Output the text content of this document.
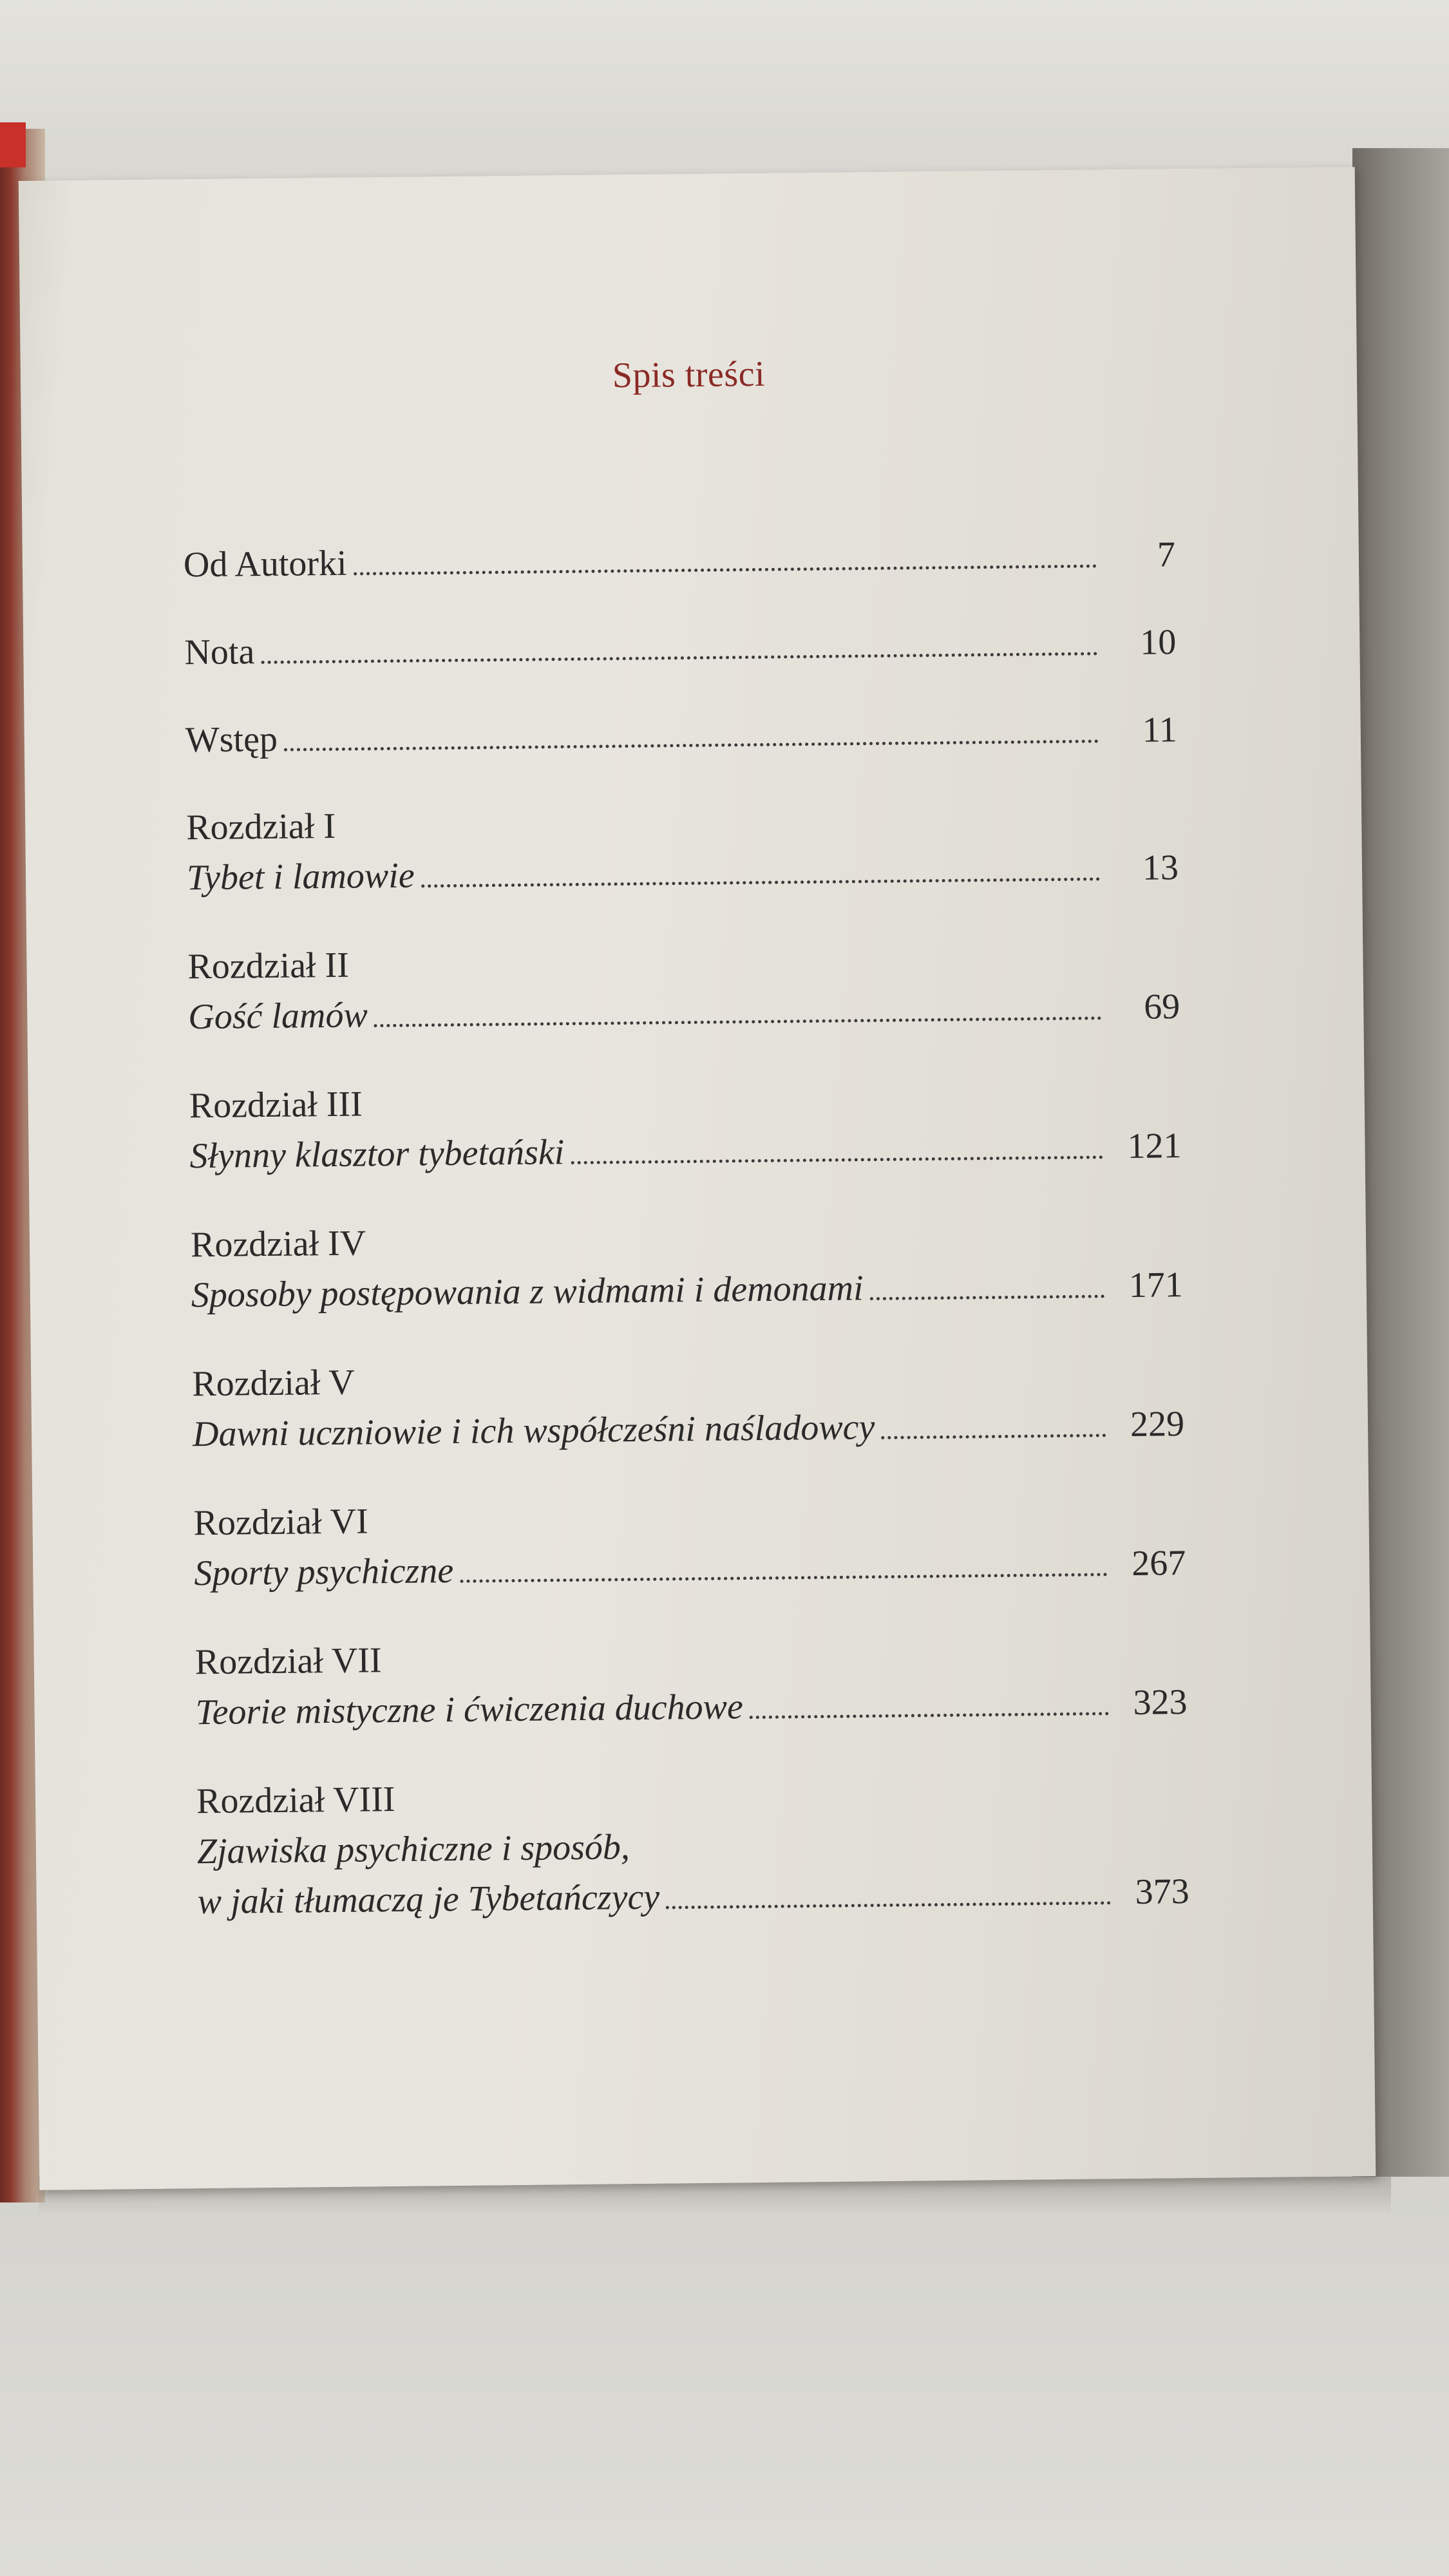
Spis treści
Od Autorki	7
Nota	10
Wstęp	11
Rozdział I
Tybet i lamowie	13
Rozdział II
Gość lamów	69
Rozdział III
Słynny klasztor tybetański	121
Rozdział IV
Sposoby postępowania z widmami i demonami	171
Rozdział V
Dawni uczniowie i ich współcześni naśladowcy	229
Rozdział VI
Sporty psychiczne	267
Rozdział VII
Teorie mistyczne i ćwiczenia duchowe	323
Rozdział VIII
Zjawiska psychiczne i sposób,
w jaki tłumaczą je Tybetańczycy	373
